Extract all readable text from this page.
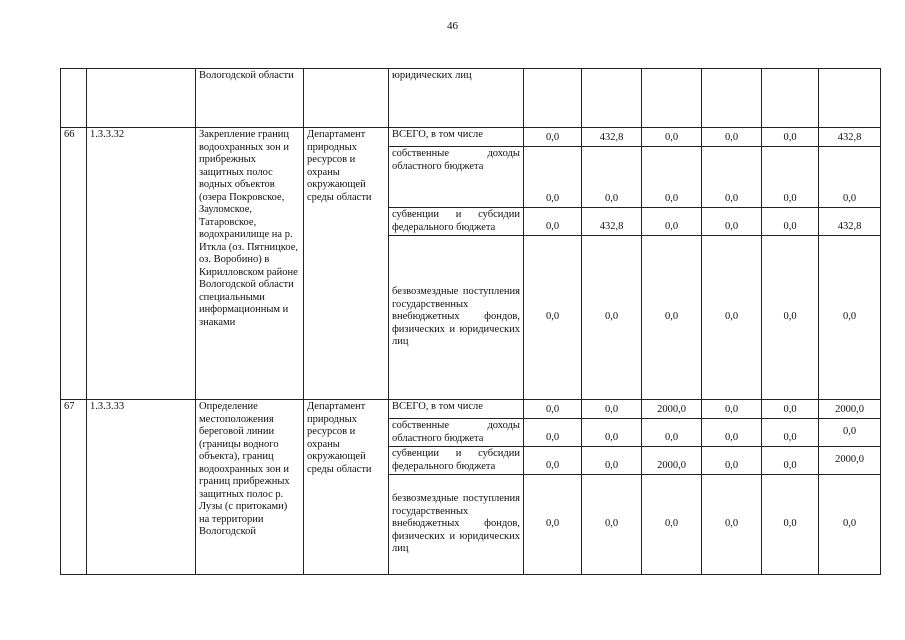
46
		Вологодской области		юридических лиц						
66	1.3.3.32	Закрепление границ водоохранных зон и прибрежных защитных полос водных объектов (озера Покровское, Зауломское, Татаровское, водохранилище на р. Иткла (оз. Пятницкое, оз. Воробино) в Кирилловском районе Вологодской области специальными информационным и знаками	Департамент природных ресурсов и охраны окружающей среды области	ВСЕГО, в том числе	0,0	432,8	0,0	0,0	0,0	432,8
				собственные доходы областного бюджета	0,0	0,0	0,0	0,0	0,0	0,0
				субвенции и субсидии федерального бюджета	0,0	432,8	0,0	0,0	0,0	432,8
				безвозмездные поступления государственных внебюджетных фондов, физических и юридических лиц	0,0	0,0	0,0	0,0	0,0	0,0
67	1.3.3.33	Определение местоположения береговой линии (границы водного объекта), границ водоохранных зон и границ прибрежных защитных полос р. Лузы (с притоками) на территории Вологодской	Департамент природных ресурсов и охраны окружающей среды области	ВСЕГО, в том числе	0,0	0,0	2000,0	0,0	0,0	2000,0
				собственные доходы областного бюджета	0,0	0,0	0,0	0,0	0,0	0,0
				субвенции и субсидии федерального бюджета	0,0	0,0	2000,0	0,0	0,0	2000,0
				безвозмездные поступления государственных внебюджетных фондов, физических и юридических лиц	0,0	0,0	0,0	0,0	0,0	0,0
